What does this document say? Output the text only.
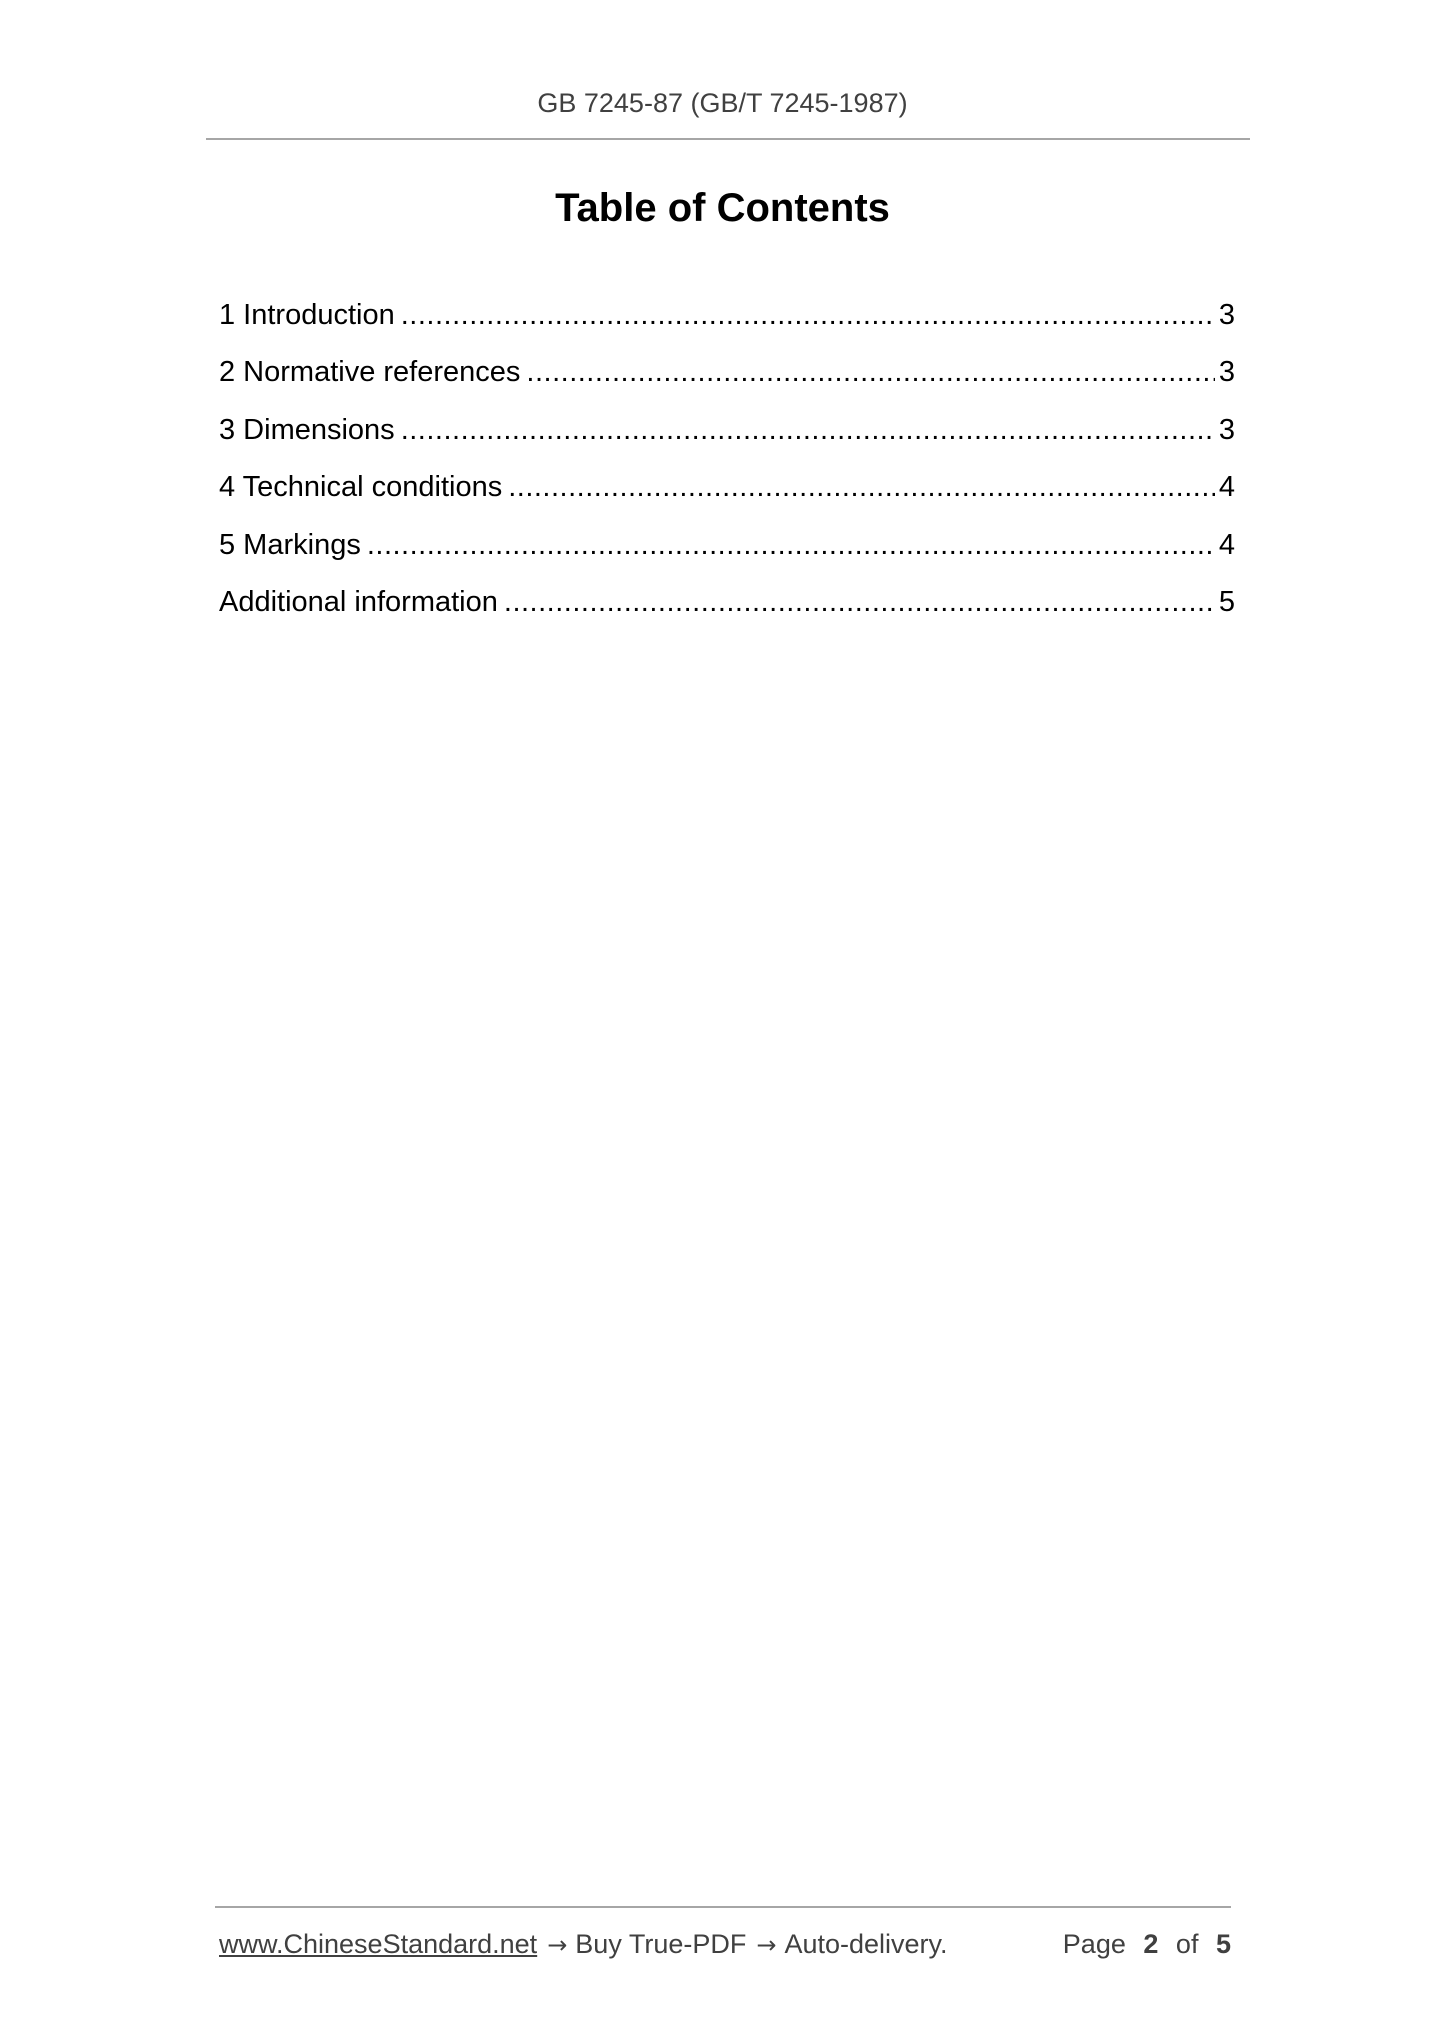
GB 7245-87 (GB/T 7245-1987)
Table of Contents
1 Introduction .....	3
2 Normative references .....	3
3 Dimensions .....	3
4 Technical conditions .....	4
5 Markings .....	4
Additional information .....	5
www.ChineseStandard.net → Buy True-PDF → Auto-delivery.	Page 2 of 5
